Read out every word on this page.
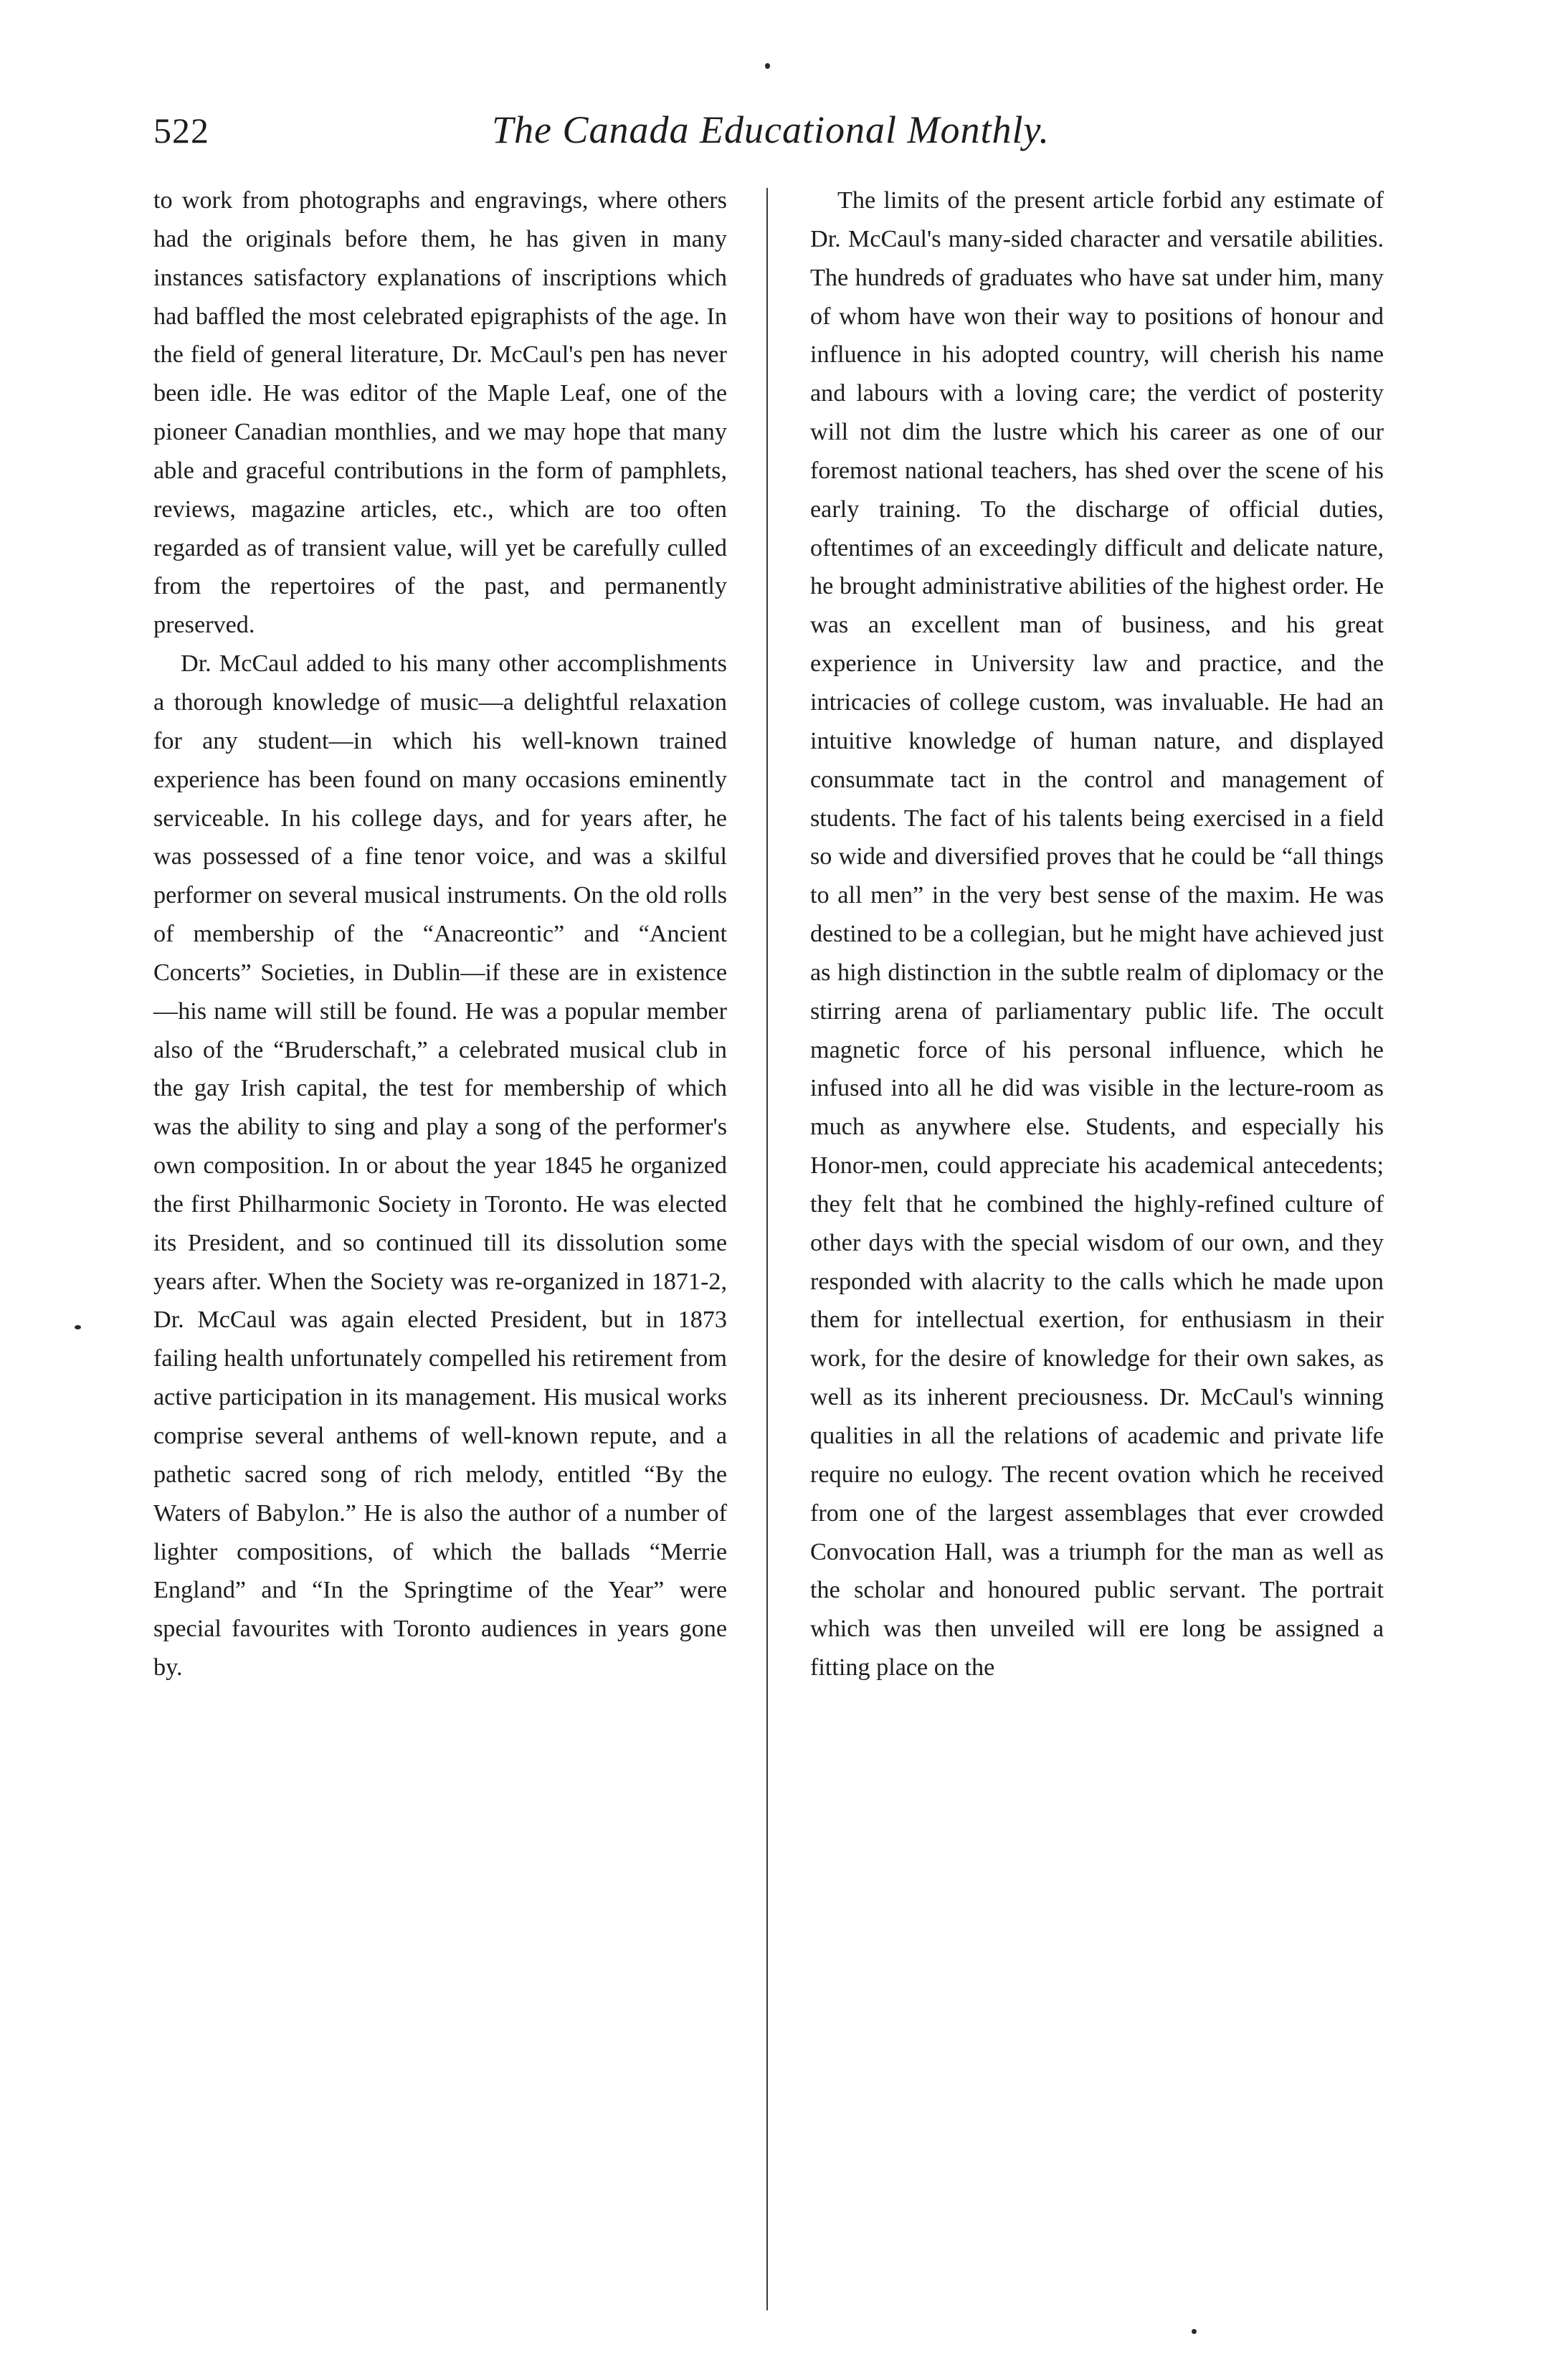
522	The Canada Educational Monthly.

to work from photographs and engravings, where others had the originals before them, he has given in many instances satisfactory explanations of inscriptions which had baffled the most celebrated epigraphists of the age. In the field of general literature, Dr. McCaul's pen has never been idle. He was editor of the Maple Leaf, one of the pioneer Canadian monthlies, and we may hope that many able and graceful contributions in the form of pamphlets, reviews, magazine articles, etc., which are too often regarded as of transient value, will yet be carefully culled from the repertoires of the past, and permanently preserved.

Dr. McCaul added to his many other accomplishments a thorough knowledge of music—a delightful relaxation for any student—in which his well-known trained experience has been found on many occasions eminently serviceable. In his college days, and for years after, he was possessed of a fine tenor voice, and was a skilful performer on several musical instruments. On the old rolls of membership of the “Anacreontic” and “Ancient Concerts” Societies, in Dublin—if these are in existence—his name will still be found. He was a popular member also of the “Bruderschaft,” a celebrated musical club in the gay Irish capital, the test for membership of which was the ability to sing and play a song of the performer's own composition. In or about the year 1845 he organized the first Philharmonic Society in Toronto. He was elected its President, and so continued till its dissolution some years after. When the Society was re-organized in 1871-2, Dr. McCaul was again elected President, but in 1873 failing health unfortunately compelled his retirement from active participation in its management. His musical works comprise several anthems of well-known repute, and a pathetic sacred song of rich melody, entitled “By the Waters of Babylon.” He is also the author of a number of lighter compositions, of which the ballads “Merrie England” and “In the Springtime of the Year” were special favourites with Toronto audiences in years gone by.

The limits of the present article forbid any estimate of Dr. McCaul's many-sided character and versatile abilities. The hundreds of graduates who have sat under him, many of whom have won their way to positions of honour and influence in his adopted country, will cherish his name and labours with a loving care; the verdict of posterity will not dim the lustre which his career as one of our foremost national teachers, has shed over the scene of his early training. To the discharge of official duties, oftentimes of an exceedingly difficult and delicate nature, he brought administrative abilities of the highest order. He was an excellent man of business, and his great experience in University law and practice, and the intricacies of college custom, was invaluable. He had an intuitive knowledge of human nature, and displayed consummate tact in the control and management of students. The fact of his talents being exercised in a field so wide and diversified proves that he could be “all things to all men” in the very best sense of the maxim. He was destined to be a collegian, but he might have achieved just as high distinction in the subtle realm of diplomacy or the stirring arena of parliamentary public life. The occult magnetic force of his personal influence, which he infused into all he did was visible in the lecture-room as much as anywhere else. Students, and especially his Honor-men, could appreciate his academical antecedents; they felt that he combined the highly-refined culture of other days with the special wisdom of our own, and they responded with alacrity to the calls which he made upon them for intellectual exertion, for enthusiasm in their work, for the desire of knowledge for their own sakes, as well as its inherent preciousness. Dr. McCaul's winning qualities in all the relations of academic and private life require no eulogy. The recent ovation which he received from one of the largest assemblages that ever crowded Convocation Hall, was a triumph for the man as well as the scholar and honoured public servant. The portrait which was then unveiled will ere long be assigned a fitting place on the
